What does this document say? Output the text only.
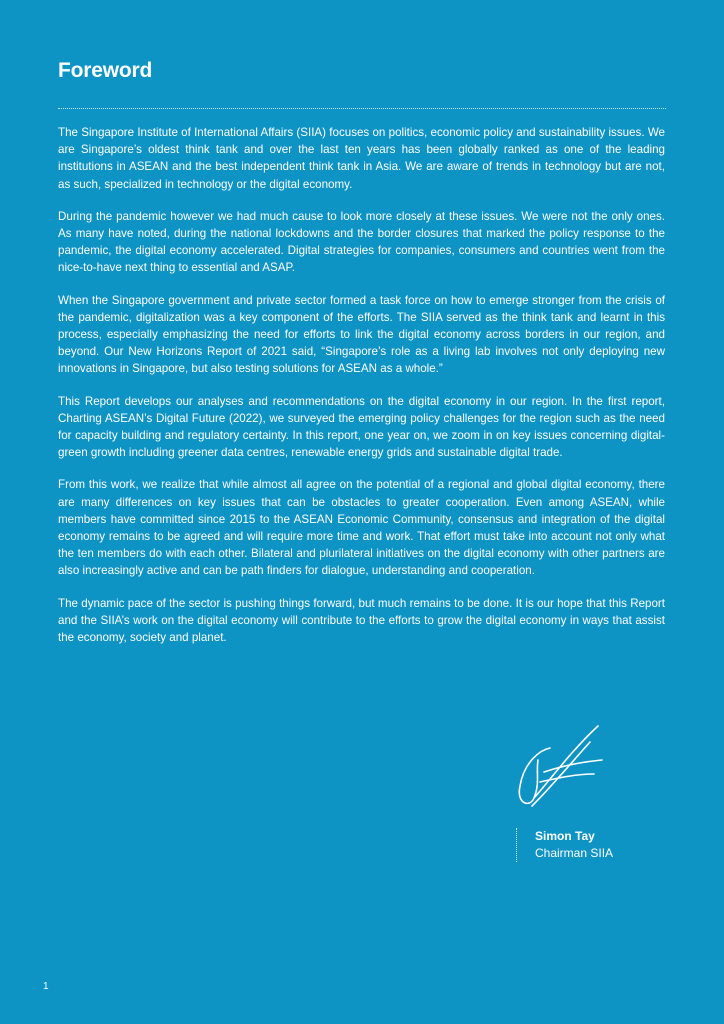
Foreword

The Singapore Institute of International Affairs (SIIA) focuses on politics, economic policy and sustainability issues. We are Singapore’s oldest think tank and over the last ten years has been globally ranked as one of the leading institutions in ASEAN and the best independent think tank in Asia. We are aware of trends in technology but are not, as such, specialized in technology or the digital economy.

During the pandemic however we had much cause to look more closely at these issues. We were not the only ones. As many have noted, during the national lockdowns and the border closures that marked the policy response to the pandemic, the digital economy accelerated. Digital strategies for companies, consumers and countries went from the nice-to-have next thing to essential and ASAP.

When the Singapore government and private sector formed a task force on how to emerge stronger from the crisis of the pandemic, digitalization was a key component of the efforts. The SIIA served as the think tank and learnt in this process, especially emphasizing the need for efforts to link the digital economy across borders in our region, and beyond. Our New Horizons Report of 2021 said, “Singapore’s role as a living lab involves not only deploying new innovations in Singapore, but also testing solutions for ASEAN as a whole.”

This Report develops our analyses and recommendations on the digital economy in our region. In the first report, Charting ASEAN’s Digital Future (2022), we surveyed the emerging policy challenges for the region such as the need for capacity building and regulatory certainty. In this report, one year on, we zoom in on key issues concerning digital-green growth including greener data centres, renewable energy grids and sustainable digital trade.

From this work, we realize that while almost all agree on the potential of a regional and global digital economy, there are many differences on key issues that can be obstacles to greater cooperation. Even among ASEAN, while members have committed since 2015 to the ASEAN Economic Community, consensus and integration of the digital economy remains to be agreed and will require more time and work. That effort must take into account not only what the ten members do with each other. Bilateral and plurilateral initiatives on the digital economy with other partners are also increasingly active and can be path finders for dialogue, understanding and cooperation.

The dynamic pace of the sector is pushing things forward, but much remains to be done. It is our hope that this Report and the SIIA’s work on the digital economy will contribute to the efforts to grow the digital economy in ways that assist the economy, society and planet.

Simon Tay
Chairman SIIA
1
